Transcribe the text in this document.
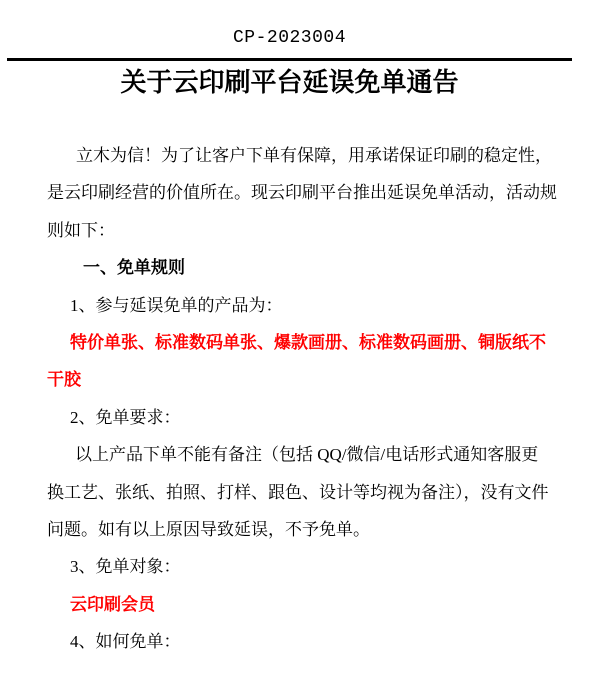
CP-2023004
关于云印刷平台延误免单通告
立木为信！为了让客户下单有保障，用承诺保证印刷的稳定性，
是云印刷经营的价值所在。现云印刷平台推出延误免单活动，活动规
则如下：
一、免单规则
1、参与延误免单的产品为：
特价单张、标准数码单张、爆款画册、标准数码画册、铜版纸不
干胶
2、免单要求：
以上产品下单不能有备注（包括 QQ/微信/电话形式通知客服更
换工艺、张纸、拍照、打样、跟色、设计等均视为备注），没有文件
问题。如有以上原因导致延误，不予免单。
3、免单对象：
云印刷会员
4、如何免单：
